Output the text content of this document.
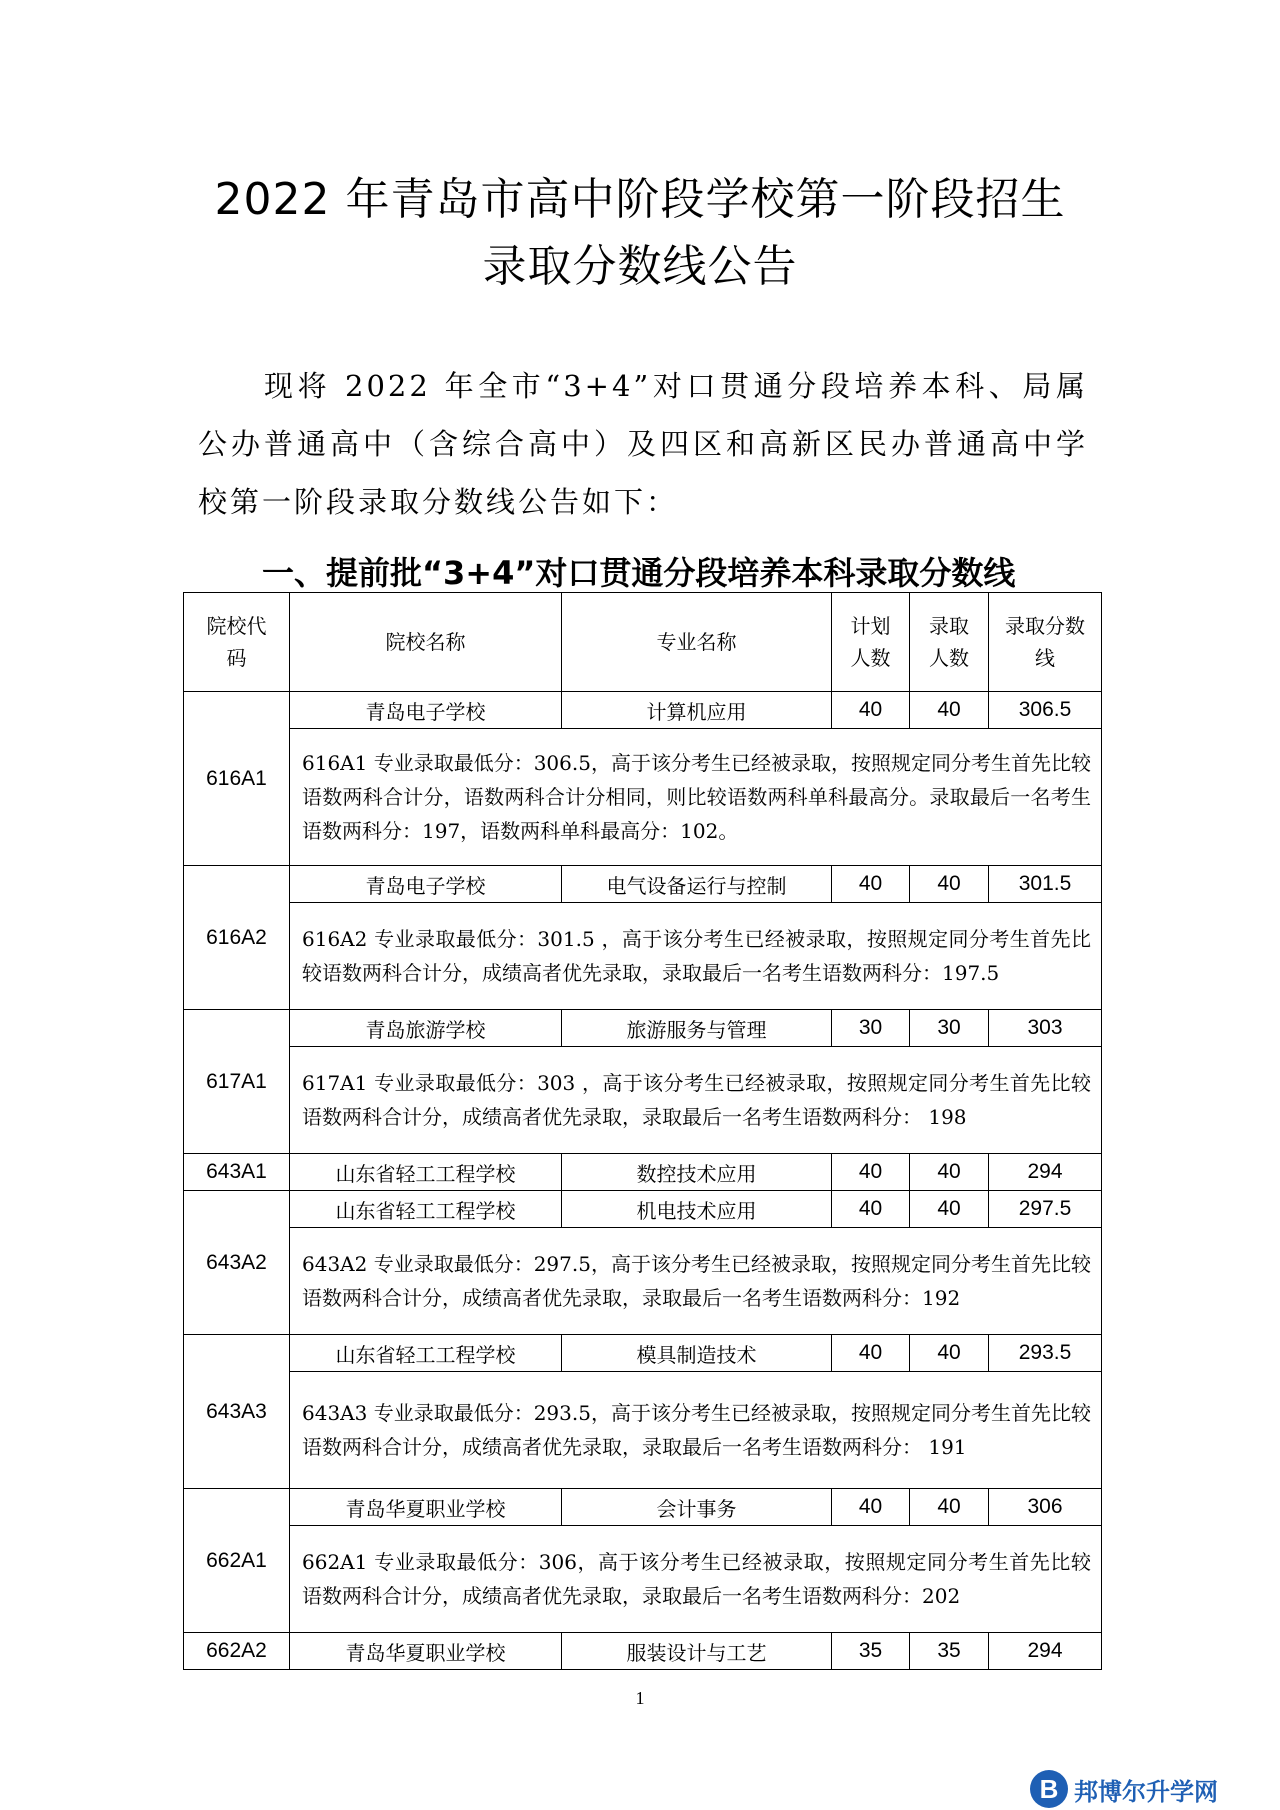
2022 年青岛市高中阶段学校第一阶段招生
录取分数线公告
现将 2022 年全市“3+4”对口贯通分段培养本科、局属公办普通高中（含综合高中）及四区和高新区民办普通高中学校第一阶段录取分数线公告如下：
一、提前批“3+4”对口贯通分段培养本科录取分数线
院校代码	院校名称	专业名称	计划人数	录取人数	录取分数线
616A1	青岛电子学校	计算机应用	40	40	306.5
	616A1 专业录取最低分：306.5，高于该分考生已经被录取，按照规定同分考生首先比较语数两科合计分，语数两科合计分相同，则比较语数两科单科最高分。录取最后一名考生语数两科分：197，语数两科单科最高分：102。				
616A2	青岛电子学校	电气设备运行与控制	40	40	301.5
	616A2 专业录取最低分：301.5 ，高于该分考生已经被录取，按照规定同分考生首先比较语数两科合计分，成绩高者优先录取，录取最后一名考生语数两科分：197.5				
617A1	青岛旅游学校	旅游服务与管理	30	30	303
	617A1 专业录取最低分：303 ，高于该分考生已经被录取，按照规定同分考生首先比较语数两科合计分，成绩高者优先录取，录取最后一名考生语数两科分： 198				
643A1	山东省轻工工程学校	数控技术应用	40	40	294
643A2	山东省轻工工程学校	机电技术应用	40	40	297.5
	643A2 专业录取最低分：297.5，高于该分考生已经被录取，按照规定同分考生首先比较语数两科合计分，成绩高者优先录取，录取最后一名考生语数两科分：192				
643A3	山东省轻工工程学校	模具制造技术	40	40	293.5
	643A3 专业录取最低分：293.5，高于该分考生已经被录取，按照规定同分考生首先比较语数两科合计分，成绩高者优先录取，录取最后一名考生语数两科分： 191				
662A1	青岛华夏职业学校	会计事务	40	40	306
	662A1 专业录取最低分：306，高于该分考生已经被录取，按照规定同分考生首先比较语数两科合计分，成绩高者优先录取，录取最后一名考生语数两科分：202				
662A2	青岛华夏职业学校	服装设计与工艺	35	35	294
1
B 邦博尔升学网
